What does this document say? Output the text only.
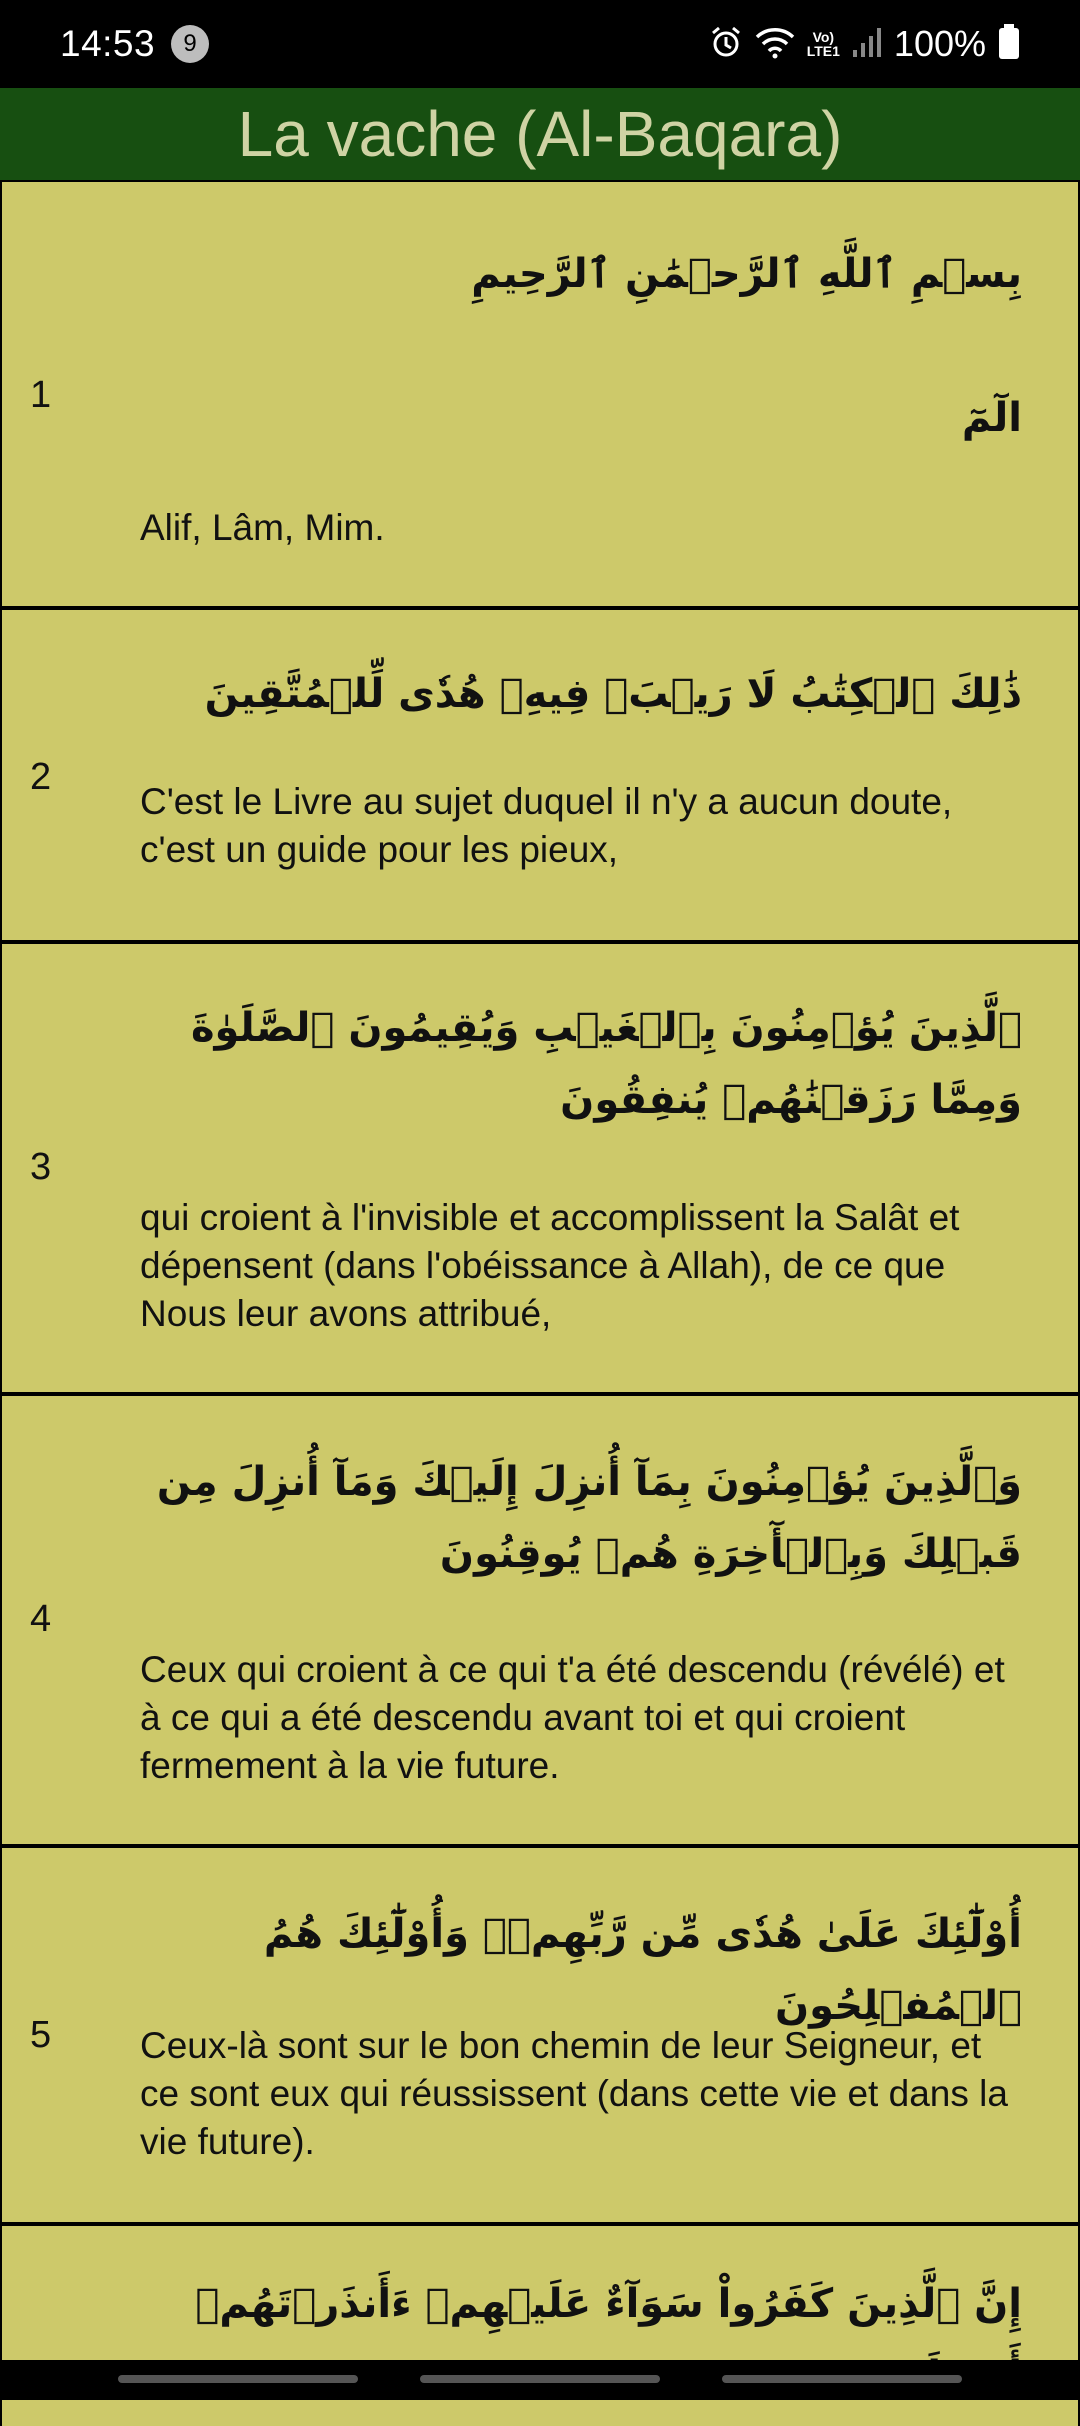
14:53	9	Vo)
LTE1 100%
La vache (Al-Baqara)
بِسۡمِ ٱللَّهِ ٱلرَّحۡمَٰنِ ٱلرَّحِيمِ
1	الٓمٓ
Alif, Lâm, Mim.
2
ذَٰلِكَ ٱلۡكِتَٰبُ لَا رَيۡبَۛ فِيهِۛ هُدٗى لِّلۡمُتَّقِينَ
C'est le Livre au sujet duquel il n'y a aucun doute, c'est un guide pour les pieux,
3
ٱلَّذِينَ يُؤۡمِنُونَ بِٱلۡغَيۡبِ وَيُقِيمُونَ ٱلصَّلَوٰةَ وَمِمَّا رَزَقۡنَٰهُمۡ يُنفِقُونَ
qui croient à l'invisible et accomplissent la Salât et dépensent (dans l'obéissance à Allah), de ce que Nous leur avons attribué,
4
وَٱلَّذِينَ يُؤۡمِنُونَ بِمَآ أُنزِلَ إِلَيۡكَ وَمَآ أُنزِلَ مِن قَبۡلِكَ وَبِٱلۡأٓخِرَةِ هُمۡ يُوقِنُونَ
Ceux qui croient à ce qui t'a été descendu (révélé) et à ce qui a été descendu avant toi et qui croient fermement à la vie future.
5
أُوْلَٰٓئِكَ عَلَىٰ هُدٗى مِّن رَّبِّهِمۡۖ وَأُوْلَٰٓئِكَ هُمُ ٱلۡمُفۡلِحُونَ
Ceux-là sont sur le bon chemin de leur Seigneur, et ce sont eux qui réussissent (dans cette vie et dans la vie future).
إِنَّ ٱلَّذِينَ كَفَرُواْ سَوَآءٌ عَلَيۡهِمۡ ءَأَنذَرۡتَهُمۡ
